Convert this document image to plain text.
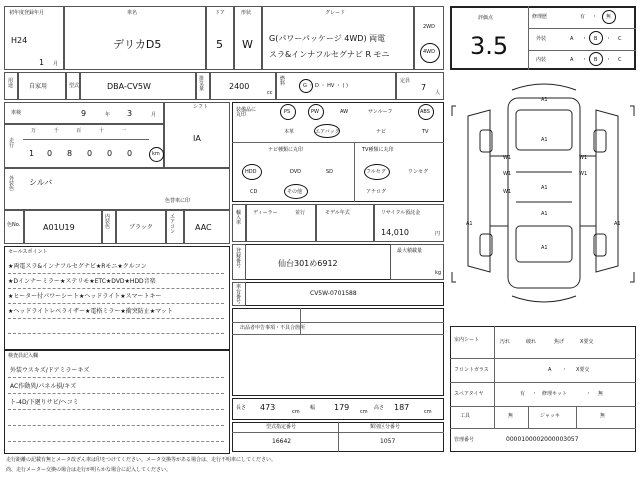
初年度登録年月
H24
1 月
車名
デリカD5
ドア
5
形状
W
グレード
G(パワーパッケージ 4WD) 両電
スラ&インナフルセグナビ R モニ
2WD
4WD
用途	自家用	型式	DBA-CV5W
排気量	2400
cc
燃料	G ・ D ・ HV ・ ( )
定員
7
人
車検	9	年 3	月
シフト
IA
走行
万 千 百 十 一
1 0 8 0 0 0	km
外装色
シルバ
色替車に印
色No.	A01U19
内装色	ブラック
エアコン	AAC
セールスポイント
★両電スラ&インナフルセグナビ★Rモニ★クルコン
★Dインナーミラー★ステリモ★ETC★DVD★HDD音楽
★ヒーター付パワーシート★ヘッドライト★スマートキー
★ヘッドライトレベライザー★電格ミラー★衝突防止★マット
検査員記入欄
外装ウスキズ/ドアミラーキズ
AC作動異/パネル損/キズ
ト-4D/下廻りサビ/ヘコミ
装備品に丸印	PS	PW	AW	サンルーフ	ABS
本革	エアバッグ	ナビ	TV
ナビ種類に丸印
HDD	DVD	SD
CD	その他
TV種類に丸印
フルセグ	ワンセグ
アナログ
輸入車
ディーラー	並行	モデル年式	リサイクル預託金
14,010	円
登録番号	仙台301め6912
最大積載量
kg
車台番号
CV5W-0701588
出品者申告事項・不具合箇所
長さ 473	cm
幅 179 cm
高さ 187	cm
型式指定番号
16642
類別区分番号
1057
評価点
3.5
修理歴	有 ・ 無
外装	A ・ B ・ C
内装	A ・ B ・ C
A1
W1
W1
A1
W1
W1
A1
W1
A1
A1
A1	A1
室内シート	汚れ	破れ	焦げ	X要交
フロントガラス	A ・ X要交
スペアタイヤ	有 ・ 修理キット	・ 無
工具	無	ジャッキ	無
管理番号	0000100002000003057
走行距離の記載有無とメータ改ざん車は印をつけてください。メータ交換等がある場合は、走行不明車にしてください。
尚、走行メーター交換の場合は走行が明らかな場合に記入してください。
